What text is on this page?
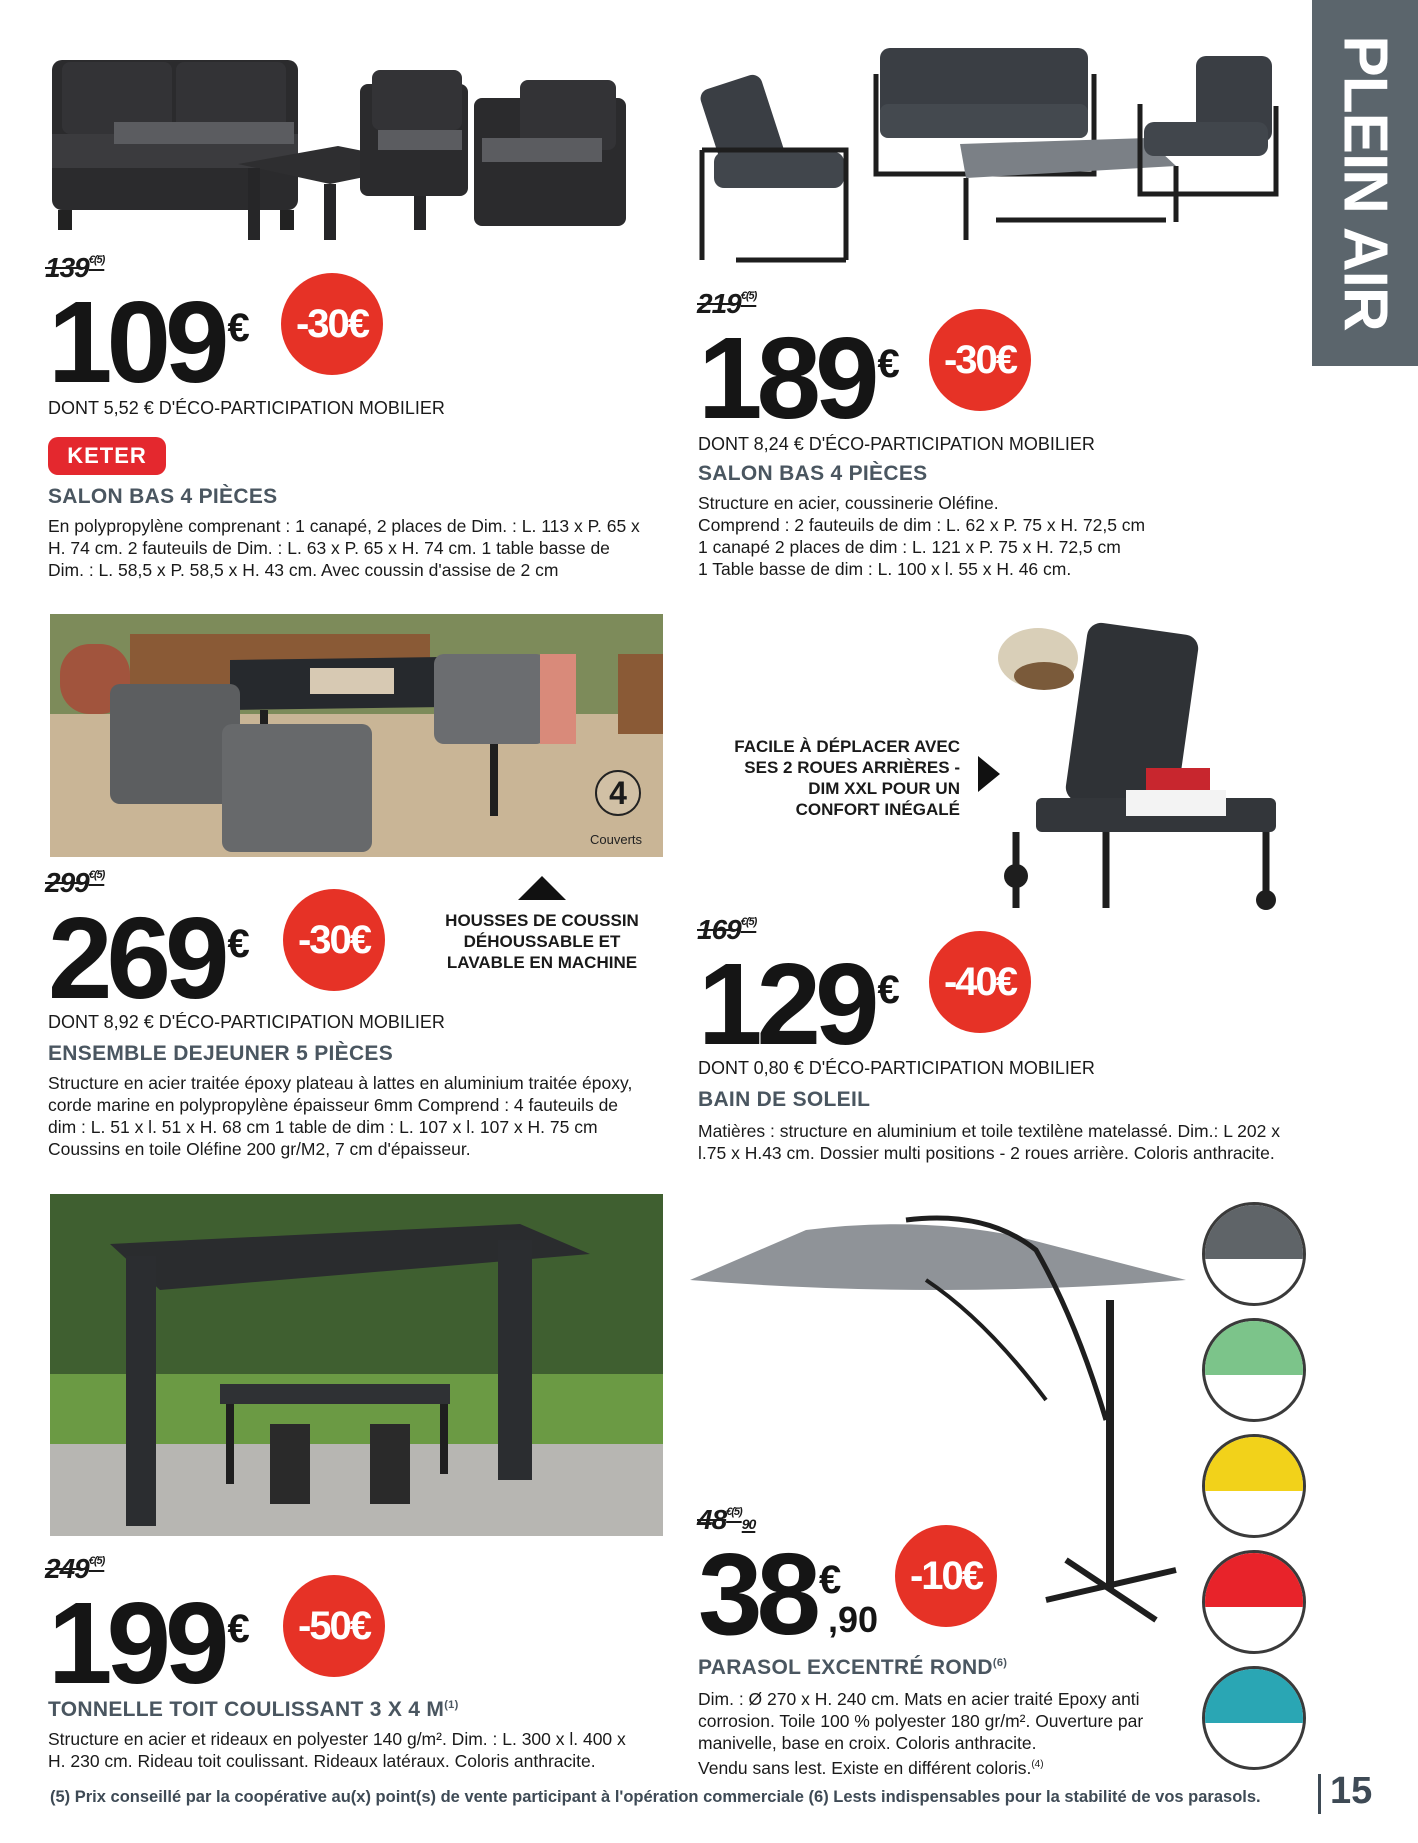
PLEIN AIR
$139^{€(5)}$
109 € -30€
DONT 5,52 € D'ÉCO-PARTICIPATION MOBILIER
KETER
SALON BAS 4 PIÈCES
En polypropylène comprenant : 1 canapé, 2 places de Dim. : L. 113 x P. 65 x
H. 74 cm. 2 fauteuils de Dim. : L. 63 x P. 65 x H. 74 cm. 1 table basse de
Dim. : L. 58,5 x P. 58,5 x H. 43 cm. Avec coussin d'assise de 2 cm
$219^{€(5)}$
189 € -30€
DONT 8,24 € D'ÉCO-PARTICIPATION MOBILIER
SALON BAS 4 PIÈCES
Structure en acier, coussinerie Oléfine.
Comprend : 2 fauteuils de dim : L. 62 x P. 75 x H. 72,5 cm
1 canapé 2 places de dim : L. 121 x P. 75 x H. 72,5 cm
1 Table basse de dim : L. 100 x l. 55 x H. 46 cm.
4
Couverts
$299^{€(5)}$
269 € -30€	HOUSSES DE COUSSIN
DÉHOUSSABLE ET
LAVABLE EN MACHINE
DONT 8,92 € D'ÉCO-PARTICIPATION MOBILIER
ENSEMBLE DEJEUNER 5 PIÈCES
Structure en acier traitée époxy plateau à lattes en aluminium traitée époxy,
corde marine en polypropylène épaisseur 6mm Comprend : 4 fauteuils de
dim : L. 51 x l. 51 x H. 68 cm 1 table de dim : L. 107 x l. 107 x H. 75 cm
Coussins en toile Oléfine 200 gr/M2, 7 cm d'épaisseur.
FACILE À DÉPLACER AVEC
SES 2 ROUES ARRIÈRES -
DIM XXL POUR UN
CONFORT INÉGALÉ
$169^{€(5)}$
129 € -40€
DONT 0,80 € D'ÉCO-PARTICIPATION MOBILIER
BAIN DE SOLEIL
Matières : structure en aluminium et toile textilène matelassé. Dim.: L 202 x
l.75 x H.43 cm. Dossier multi positions - 2 roues arrière. Coloris anthracite.
$249^{€(5)}$
199 € -50€
TONNELLE TOIT COULISSANT 3 X 4 $M^{(1)}$
Structure en acier et rideaux en polyester 140 g/m². Dim. : L. 300 x l. 400 x
H. 230 cm. Rideau toit coulissant. Rideaux latéraux. Coloris anthracite.
$48^{€(5)}90$
38 €
,90
-10€
PARASOL EXCENTRÉ ROND$^{(6)}$
Dim. : Ø 270 x H. 240 cm. Mats en acier traité Epoxy anti
corrosion. Toile 100 % polyester 180 gr/m². Ouverture par
manivelle, base en croix. Coloris anthracite.
Vendu sans lest. Existe en différent coloris.$^{(4)}$
(5) Prix conseillé par la coopérative au(x) point(s) de vente participant à l'opération commerciale (6) Lests indispensables pour la stabilité de vos parasols. 15
